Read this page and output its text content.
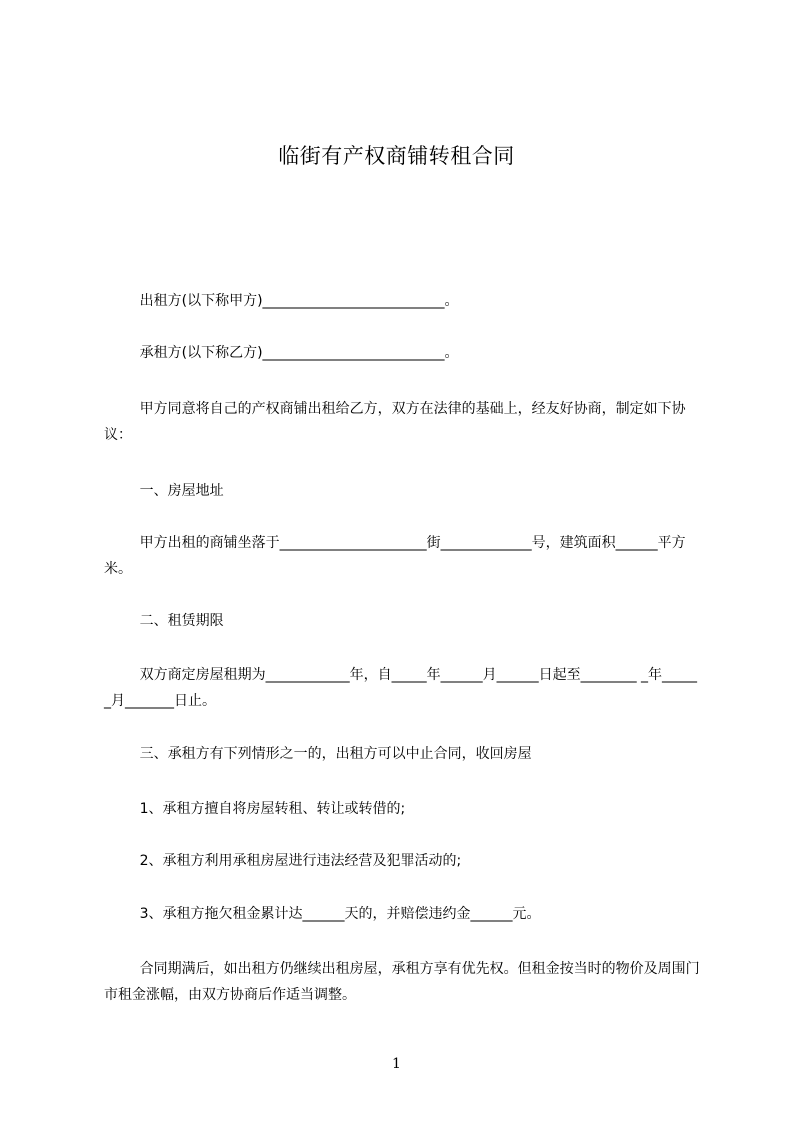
临街有产权商铺转租合同
出租方(以下称甲方)__________________________。
承租方(以下称乙方)__________________________。
甲方同意将自己的产权商铺出租给乙方，双方在法律的基础上，经友好协商，制定如下协议：
一、房屋地址
甲方出租的商铺坐落于_____________________街_____________号，建筑面积______平方米。
二、租赁期限
双方商定房屋租期为____________年，自_____年______月______日起至________ _年______月_______日止。
三、承租方有下列情形之一的，出租方可以中止合同，收回房屋
1、承租方擅自将房屋转租、转让或转借的;
2、承租方利用承租房屋进行违法经营及犯罪活动的;
3、承租方拖欠租金累计达______天的，并赔偿违约金______元。
合同期满后，如出租方仍继续出租房屋，承租方享有优先权。但租金按当时的物价及周围门市租金涨幅，由双方协商后作适当调整。
1
